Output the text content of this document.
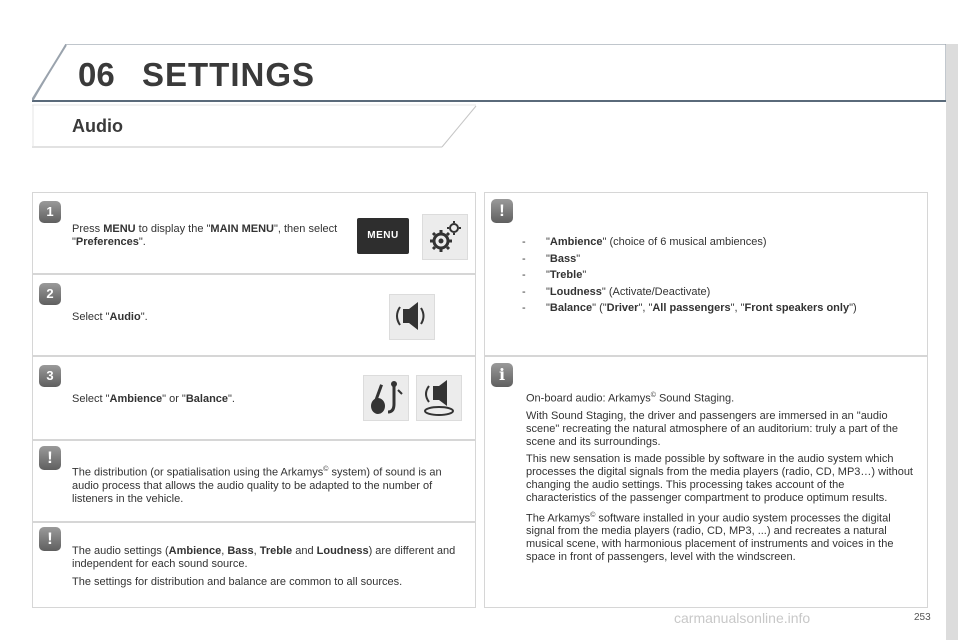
06 SETTINGS
Audio
1
Press MENU to display the "MAIN MENU", then select "Preferences".
MENU
2
Select "Audio".
3
Select "Ambience" or "Balance".
!
The distribution (or spatialisation using the Arkamys© system) of sound is an audio process that allows the audio quality to be adapted to the number of listeners in the vehicle.
!

The audio settings (Ambience, Bass, Treble and Loudness) are different and independent for each sound source.

The settings for distribution and balance are common to all sources.

!
-	"Ambience" (choice of 6 musical ambiences)
-	"Bass"
-	"Treble"
-	"Loudness" (Activate/Deactivate)
-	"Balance" ("Driver", "All passengers", "Front speakers only")
i

On-board audio: Arkamys© Sound Staging.

With Sound Staging, the driver and passengers are immersed in an "audio scene" recreating the natural atmosphere of an auditorium: truly a part of the scene and its surroundings.

This new sensation is made possible by software in the audio system which processes the digital signals from the media players (radio, CD, MP3…) without changing the audio settings. This processing takes account of the characteristics of the passenger compartment to produce optimum results.

The Arkamys© software installed in your audio system processes the digital signal from the media players (radio, CD, MP3, ...) and recreates a natural musical scene, with harmonious placement of instruments and voices in the space in front of passengers, level with the windscreen.

carmanualsonline.info	253
